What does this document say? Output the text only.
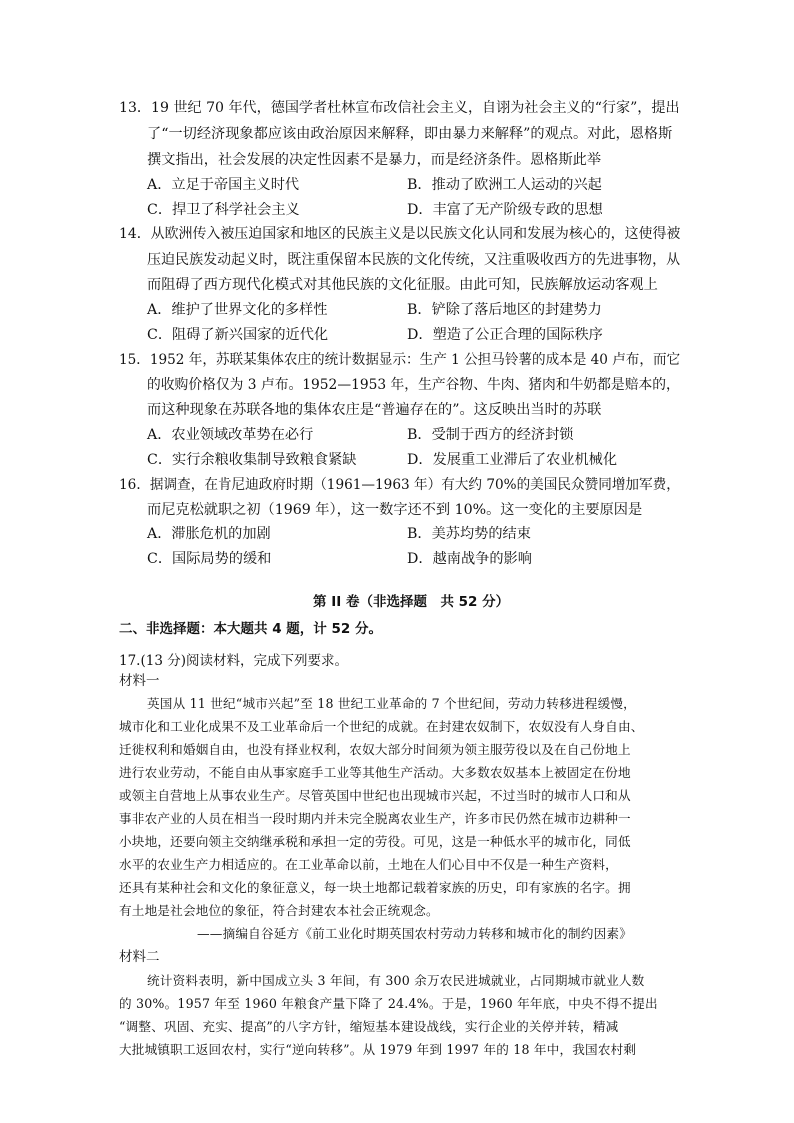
13．19 世纪 70 年代，德国学者杜林宣布改信社会主义，自诩为社会主义的“行家”，提出
了“一切经济现象都应该由政治原因来解释，即由暴力来解释”的观点。对此，恩格斯
撰文指出，社会发展的决定性因素不是暴力，而是经济条件。恩格斯此举
A．立足于帝国主义时代	B．推动了欧洲工人运动的兴起
C．捍卫了科学社会主义	D．丰富了无产阶级专政的思想
14．从欧洲传入被压迫国家和地区的民族主义是以民族文化认同和发展为核心的，这使得被
压迫民族发动起义时，既注重保留本民族的文化传统，又注重吸收西方的先进事物，从
而阻碍了西方现代化模式对其他民族的文化征服。由此可知，民族解放运动客观上
A．维护了世界文化的多样性	B．铲除了落后地区的封建势力
C．阻碍了新兴国家的近代化	D．塑造了公正合理的国际秩序
15．1952 年，苏联某集体农庄的统计数据显示：生产 1 公担马铃薯的成本是 40 卢布，而它
的收购价格仅为 3 卢布。1952—1953 年，生产谷物、牛肉、猪肉和牛奶都是赔本的，
而这种现象在苏联各地的集体农庄是“普遍存在的”。这反映出当时的苏联
A．农业领域改革势在必行	B．受制于西方的经济封锁
C．实行余粮收集制导致粮食紧缺	D．发展重工业滞后了农业机械化
16．据调查，在肯尼迪政府时期（1961—1963 年）有大约 70%的美国民众赞同增加军费，
而尼克松就职之初（1969 年），这一数字还不到 10%。这一变化的主要原因是
A．滞胀危机的加剧	B．美苏均势的结束
C．国际局势的缓和	D．越南战争的影响
第 II 卷（非选择题　共 52 分）
二、非选择题：本大题共 4 题，计 52 分。
17.(13 分)阅读材料，完成下列要求。
材料一
英国从 11 世纪“城市兴起”至 18 世纪工业革命的 7 个世纪间，劳动力转移进程缓慢，
城市化和工业化成果不及工业革命后一个世纪的成就。在封建农奴制下，农奴没有人身自由、
迁徙权利和婚姻自由，也没有择业权利，农奴大部分时间须为领主服劳役以及在自己份地上
进行农业劳动，不能自由从事家庭手工业等其他生产活动。大多数农奴基本上被固定在份地
或领主自营地上从事农业生产。尽管英国中世纪也出现城市兴起，不过当时的城市人口和从
事非农产业的人员在相当一段时期内并未完全脱离农业生产，许多市民仍然在城市边耕种一
小块地，还要向领主交纳继承税和承担一定的劳役。可见，这是一种低水平的城市化，同低
水平的农业生产力相适应的。在工业革命以前，土地在人们心目中不仅是一种生产资料，
还具有某种社会和文化的象征意义，每一块土地都记载着家族的历史，印有家族的名字。拥
有土地是社会地位的象征，符合封建农本社会正统观念。
——摘编自谷延方《前工业化时期英国农村劳动力转移和城市化的制约因素》
材料二
统计资料表明，新中国成立头 3 年间，有 300 余万农民进城就业，占同期城市就业人数
的 30%。1957 年至 1960 年粮食产量下降了 24.4%。于是，1960 年年底，中央不得不提出
“调整、巩固、充实、提高”的八字方针，缩短基本建设战线，实行企业的关停并转，精减
大批城镇职工返回农村，实行“逆向转移”。从 1979 年到 1997 年的 18 年中，我国农村剩
